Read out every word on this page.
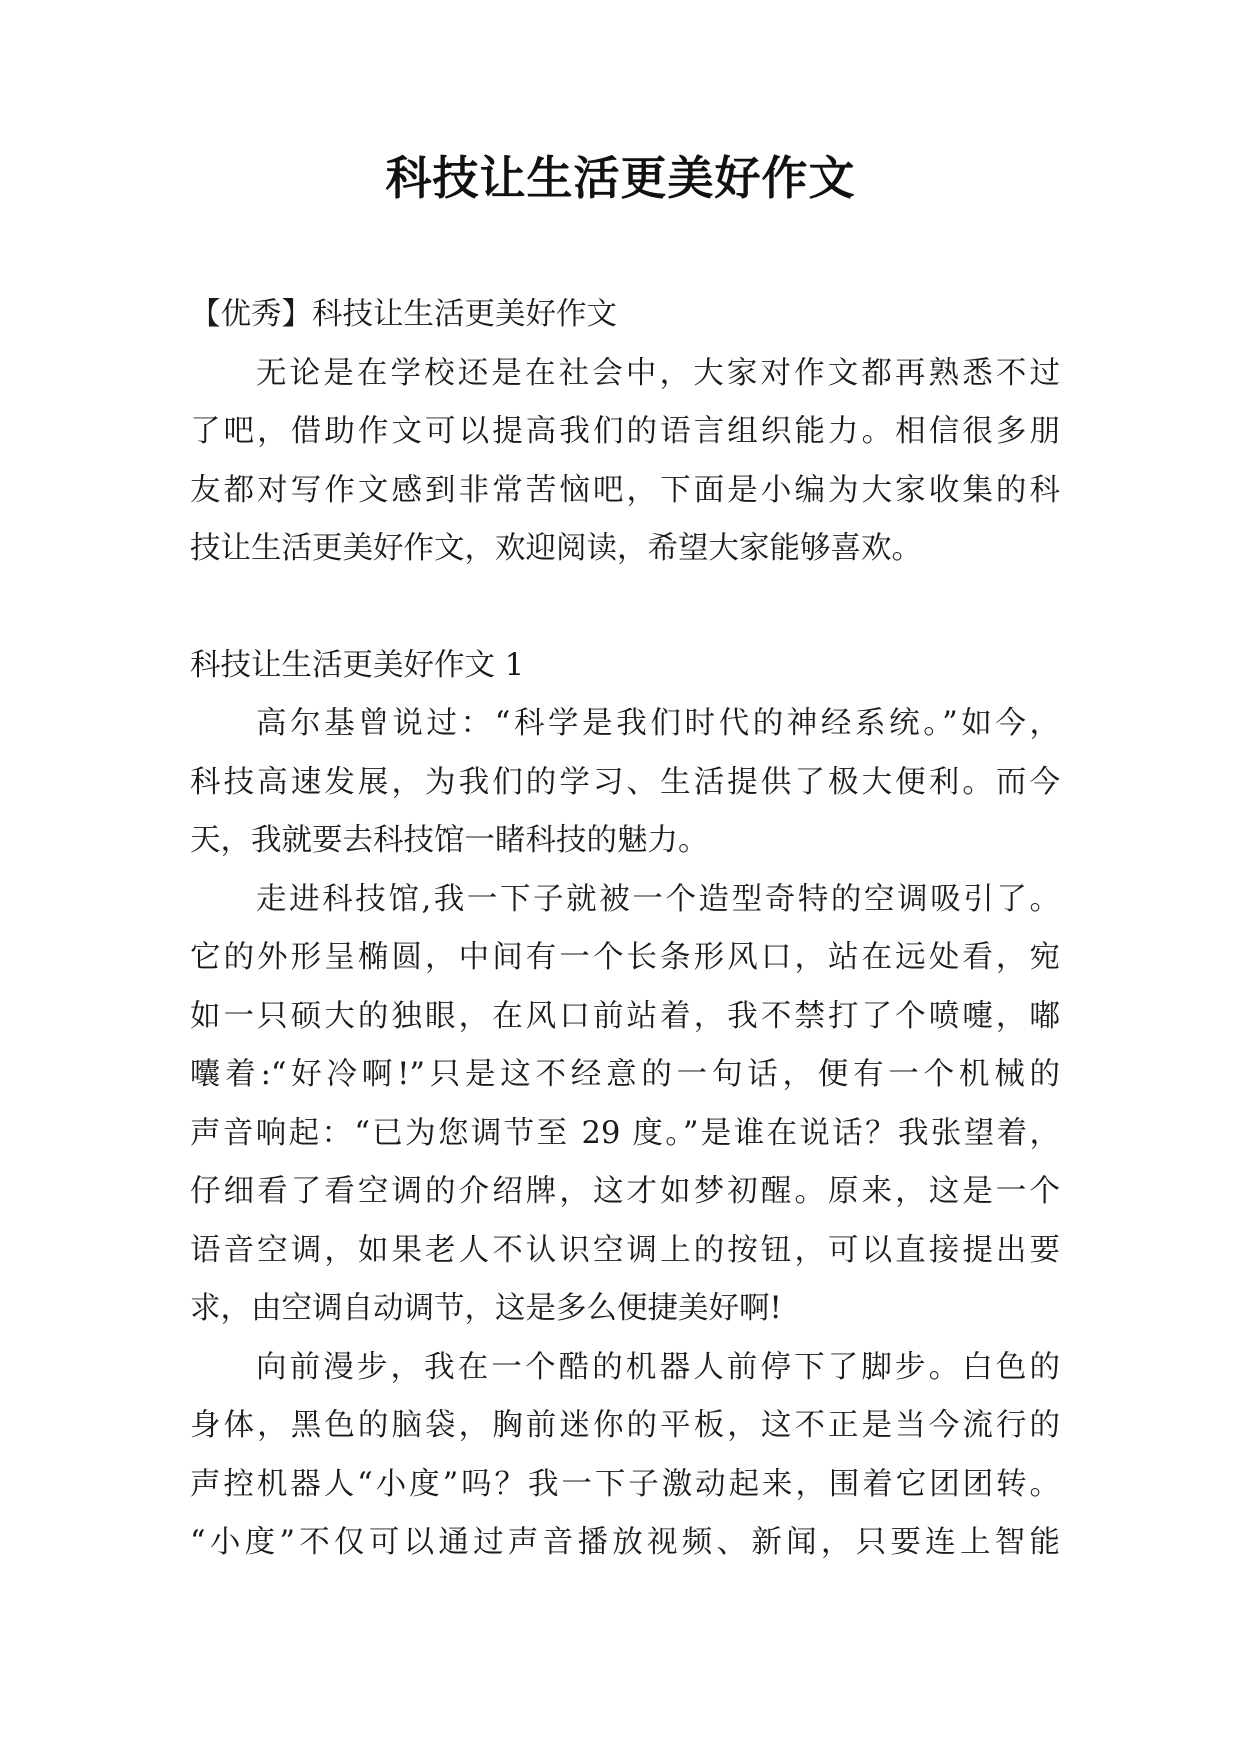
科技让生活更美好作文

【优秀】科技让生活更美好作文

无论是在学校还是在社会中，大家对作文都再熟悉不过

了吧，借助作文可以提高我们的语言组织能力。相信很多朋

友都对写作文感到非常苦恼吧，下面是小编为大家收集的科

技让生活更美好作文，欢迎阅读，希望大家能够喜欢。

科技让生活更美好作文 1

高尔基曾说过：“科学是我们时代的神经系统。”如今，

科技高速发展，为我们的学习、生活提供了极大便利。而今

天，我就要去科技馆一睹科技的魅力。

走进科技馆,我一下子就被一个造型奇特的空调吸引了。

它的外形呈椭圆，中间有一个长条形风口，站在远处看，宛

如一只硕大的独眼，在风口前站着，我不禁打了个喷嚏，嘟

囔着:“好冷啊!”只是这不经意的一句话，便有一个机械的

声音响起：“已为您调节至 29 度。”是谁在说话？我张望着，

仔细看了看空调的介绍牌，这才如梦初醒。原来，这是一个

语音空调，如果老人不认识空调上的按钮，可以直接提出要

求，由空调自动调节，这是多么便捷美好啊!

向前漫步，我在一个酷的机器人前停下了脚步。白色的

身体，黑色的脑袋，胸前迷你的平板，这不正是当今流行的

声控机器人“小度”吗？我一下子激动起来，围着它团团转。

“小度”不仅可以通过声音播放视频、新闻，只要连上智能
